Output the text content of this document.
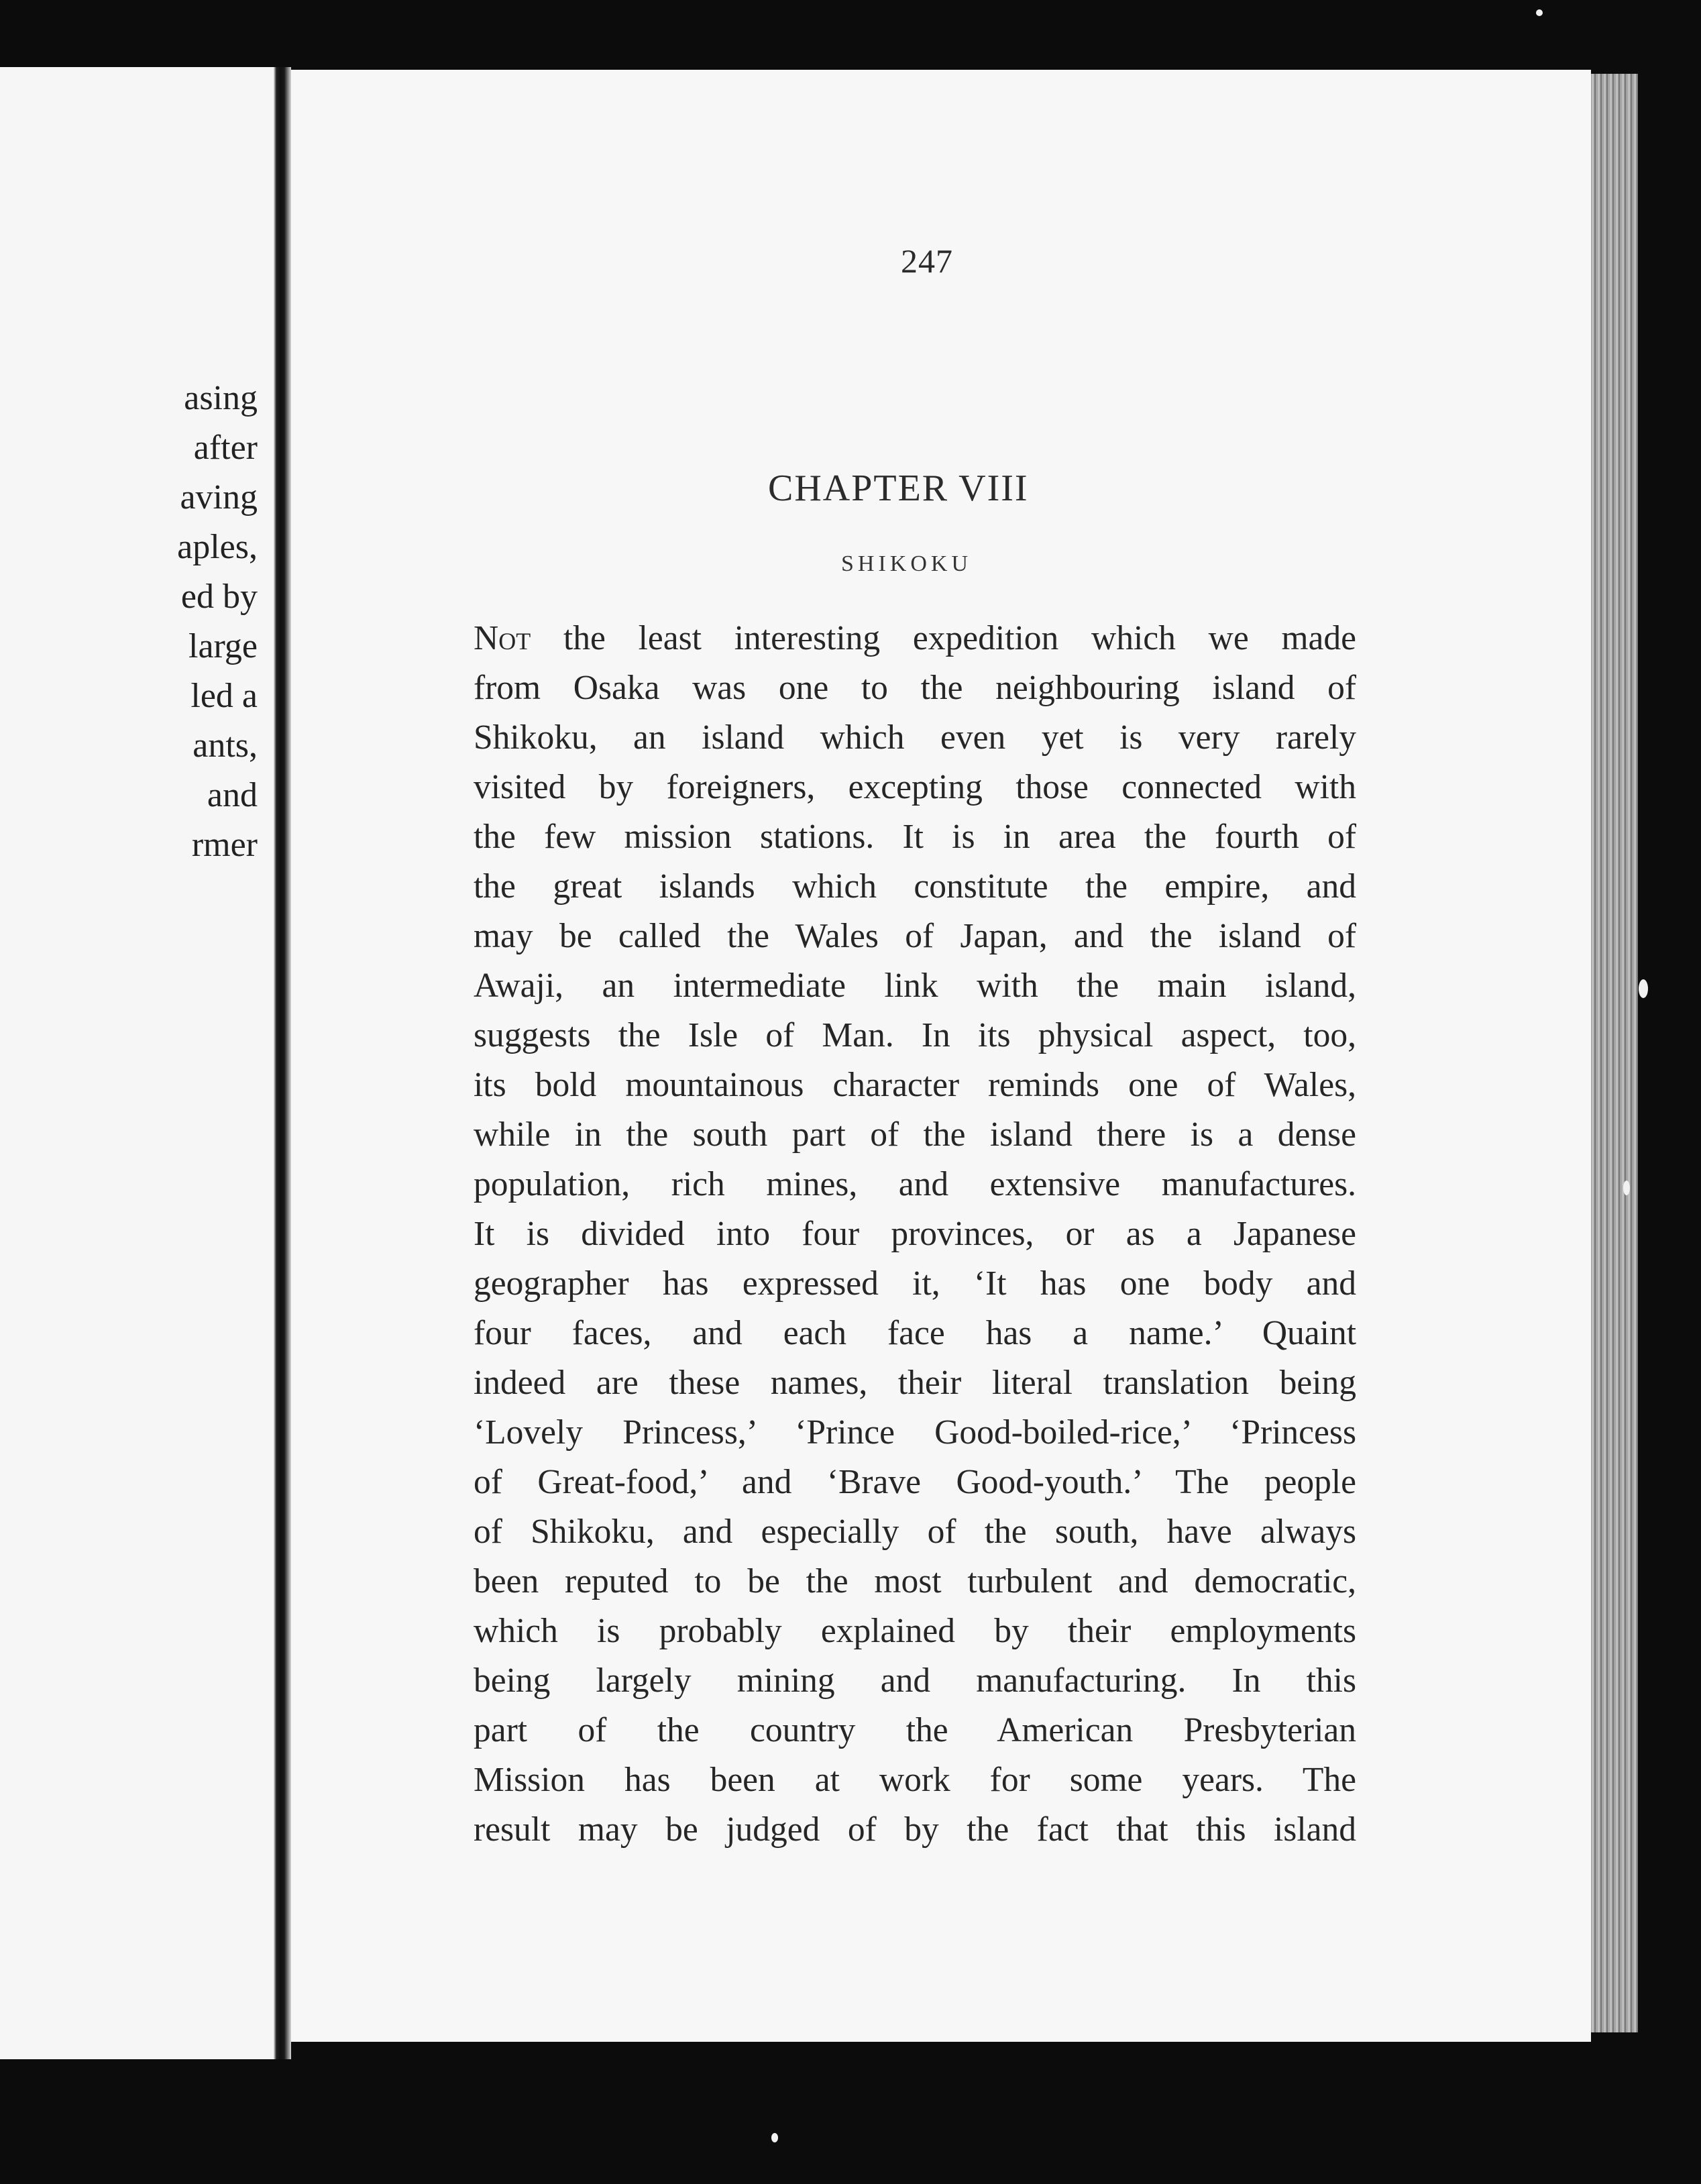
asing
after
aving
aples,
ed by
large
led a
ants,
and
rmer
247
CHAPTER VIII
SHIKOKU
Not the least interesting expedition which we made
from Osaka was one to the neighbouring island of
Shikoku, an island which even yet is very rarely
visited by foreigners, excepting those connected with
the few mission stations. It is in area the fourth of
the great islands which constitute the empire, and
may be called the Wales of Japan, and the island of
Awaji, an intermediate link with the main island,
suggests the Isle of Man. In its physical aspect, too,
its bold mountainous character reminds one of Wales,
while in the south part of the island there is a dense
population, rich mines, and extensive manufactures.
It is divided into four provinces, or as a Japanese
geographer has expressed it, ‘It has one body and
four faces, and each face has a name.’ Quaint
indeed are these names, their literal translation being
‘Lovely Princess,’ ‘Prince Good-boiled-rice,’ ‘Princess
of Great-food,’ and ‘Brave Good-youth.’ The people
of Shikoku, and especially of the south, have always
been reputed to be the most turbulent and democratic,
which is probably explained by their employments
being largely mining and manufacturing. In this
part of the country the American Presbyterian
Mission has been at work for some years. The
result may be judged of by the fact that this island
